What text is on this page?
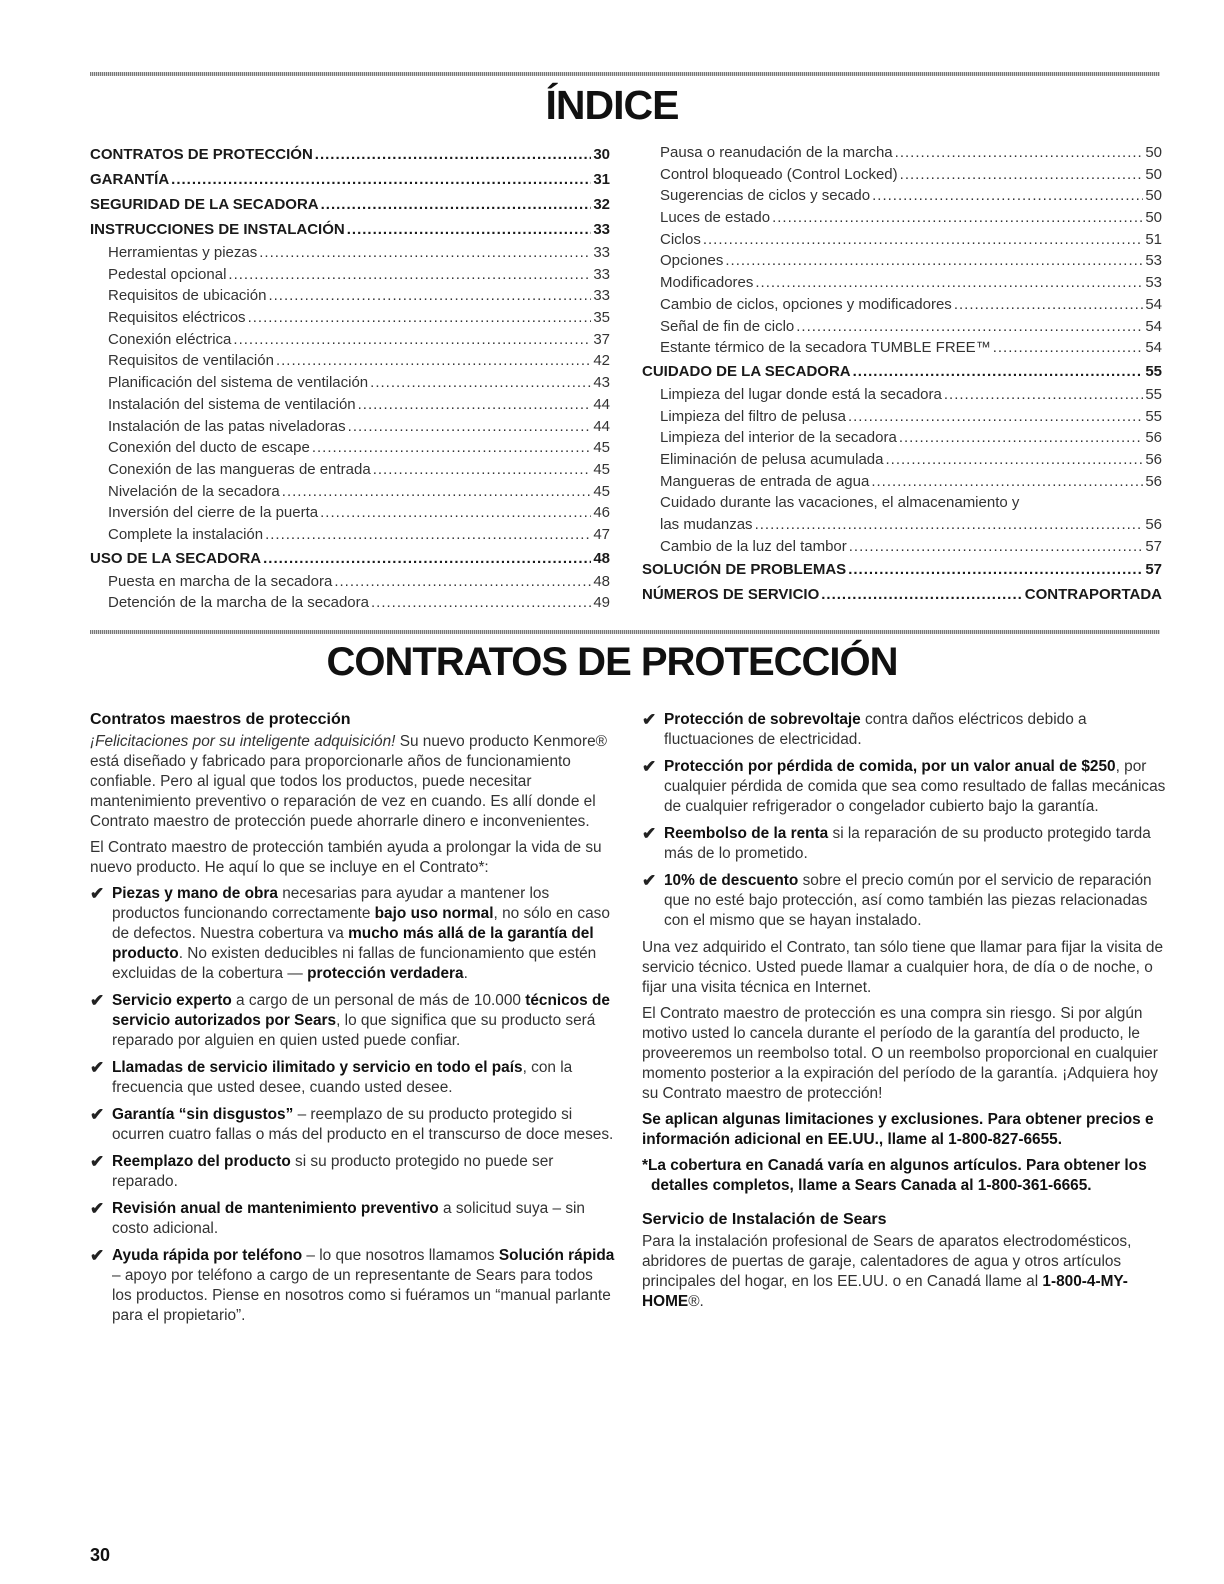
ÍNDICE
CONTRATOS DE PROTECCIÓN .....	30
GARANTÍA .....	31
SEGURIDAD DE LA SECADORA .....	32
INSTRUCCIONES DE INSTALACIÓN .....	33
Herramientas y piezas .....	33
Pedestal opcional .....	33
Requisitos de ubicación .....	33
Requisitos eléctricos .....	35
Conexión eléctrica .....	37
Requisitos de ventilación .....	42
Planificación del sistema de ventilación .....	43
Instalación del sistema de ventilación .....	44
Instalación de las patas niveladoras .....	44
Conexión del ducto de escape .....	45
Conexión de las mangueras de entrada .....	45
Nivelación de la secadora .....	45
Inversión del cierre de la puerta .....	46
Complete la instalación .....	47
USO DE LA SECADORA .....	48
Puesta en marcha de la secadora .....	48
Detención de la marcha de la secadora .....	49
Pausa o reanudación de la marcha .....	50
Control bloqueado (Control Locked) .....	50
Sugerencias de ciclos y secado .....	50
Luces de estado .....	50
Ciclos .....	51
Opciones .....	53
Modificadores .....	53
Cambio de ciclos, opciones y modificadores .....	54
Señal de fin de ciclo .....	54
Estante térmico de la secadora TUMBLE FREE™ .....	54
CUIDADO DE LA SECADORA .....	55
Limpieza del lugar donde está la secadora .....	55
Limpieza del filtro de pelusa .....	55
Limpieza del interior de la secadora .....	56
Eliminación de pelusa acumulada .....	56
Mangueras de entrada de agua .....	56
Cuidado durante las vacaciones, el almacenamiento y
las mudanzas .....	56
Cambio de la luz del tambor .....	57
SOLUCIÓN DE PROBLEMAS .....	57
NÚMEROS DE SERVICIO .....	CONTRAPORTADA
CONTRATOS DE PROTECCIÓN
Contratos maestros de protección

¡Felicitaciones por su inteligente adquisición! Su nuevo producto Kenmore® está diseñado y fabricado para proporcionarle años de funcionamiento confiable. Pero al igual que todos los productos, puede necesitar mantenimiento preventivo o reparación de vez en cuando. Es allí donde el Contrato maestro de protección puede ahorrarle dinero e inconvenientes.

El Contrato maestro de protección también ayuda a prolongar la vida de su nuevo producto. He aquí lo que se incluye en el Contrato*:

✔ Piezas y mano de obra necesarias para ayudar a mantener los productos funcionando correctamente bajo uso normal, no sólo en caso de defectos. Nuestra cobertura va mucho más allá de la garantía del producto. No existen deducibles ni fallas de funcionamiento que estén excluidas de la cobertura — protección verdadera.
✔ Servicio experto a cargo de un personal de más de 10.000 técnicos de servicio autorizados por Sears, lo que significa que su producto será reparado por alguien en quien usted puede confiar.
✔ Llamadas de servicio ilimitado y servicio en todo el país, con la frecuencia que usted desee, cuando usted desee.
✔ Garantía “sin disgustos” – reemplazo de su producto protegido si ocurren cuatro fallas o más del producto en el transcurso de doce meses.
✔ Reemplazo del producto si su producto protegido no puede ser reparado.
✔ Revisión anual de mantenimiento preventivo a solicitud suya – sin costo adicional.
✔ Ayuda rápida por teléfono – lo que nosotros llamamos Solución rápida – apoyo por teléfono a cargo de un representante de Sears para todos los productos. Piense en nosotros como si fuéramos un “manual parlante para el propietario”.
✔ Protección de sobrevoltaje contra daños eléctricos debido a fluctuaciones de electricidad.
✔ Protección por pérdida de comida, por un valor anual de $250, por cualquier pérdida de comida que sea como resultado de fallas mecánicas de cualquier refrigerador o congelador cubierto bajo la garantía.
✔ Reembolso de la renta si la reparación de su producto protegido tarda más de lo prometido.
✔ 10% de descuento sobre el precio común por el servicio de reparación que no esté bajo protección, así como también las piezas relacionadas con el mismo que se hayan instalado.

Una vez adquirido el Contrato, tan sólo tiene que llamar para fijar la visita de servicio técnico. Usted puede llamar a cualquier hora, de día o de noche, o fijar una visita técnica en Internet.

El Contrato maestro de protección es una compra sin riesgo. Si por algún motivo usted lo cancela durante el período de la garantía del producto, le proveeremos un reembolso total. O un reembolso proporcional en cualquier momento posterior a la expiración del período de la garantía. ¡Adquiera hoy su Contrato maestro de protección!

Se aplican algunas limitaciones y exclusiones. Para obtener precios e información adicional en EE.UU., llame al 1-800-827-6655.

*La cobertura en Canadá varía en algunos artículos. Para obtener los detalles completos, llame a Sears Canada al 1-800-361-6665.

Servicio de Instalación de Sears

Para la instalación profesional de Sears de aparatos electrodomésticos, abridores de puertas de garaje, calentadores de agua y otros artículos principales del hogar, en los EE.UU. o en Canadá llame al 1-800-4-MY-HOME®.

30
